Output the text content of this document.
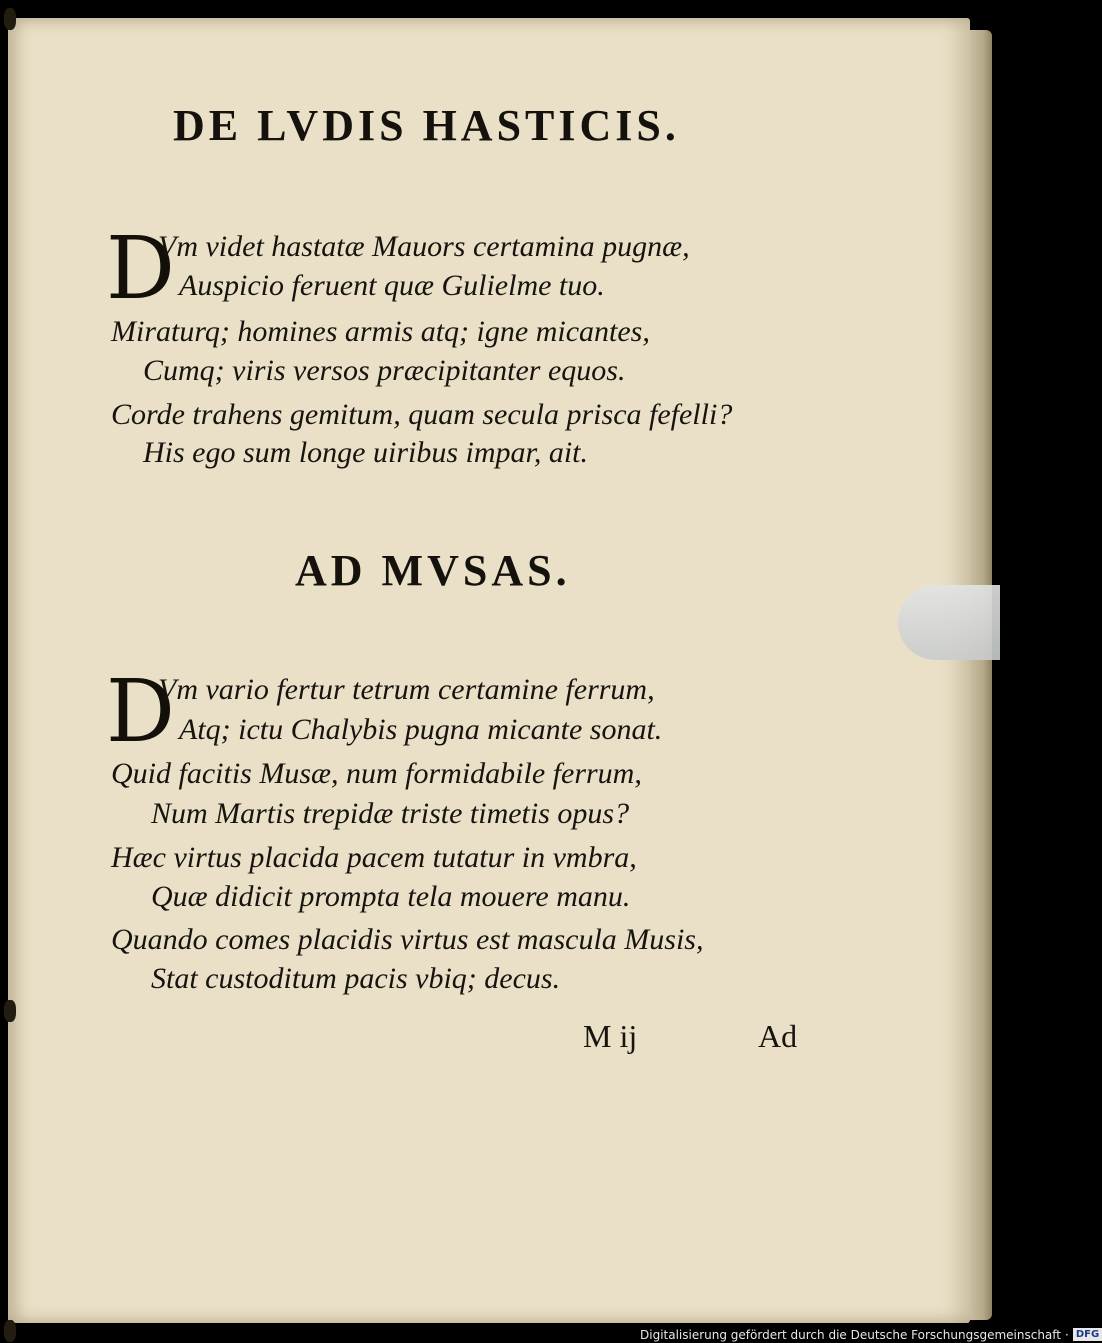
DE LVDIS HASTICIS.
D
Vm videt hastatæ Mauors certamina pugnæ,
Auspicio feruent quæ Gulielme tuo.
Miraturq; homines armis atq; igne micantes,
Cumq; viris versos præcipitanter equos.
Corde trahens gemitum, quam secula prisca fefelli?
His ego sum longe uiribus impar, ait.
AD MVSAS.
D
Vm vario fertur tetrum certamine ferrum,
Atq; ictu Chalybis pugna micante sonat.
Quid facitis Musæ, num formidabile ferrum,
Num Martis trepidæ triste timetis opus?
Hæc virtus placida pacem tutatur in vmbra,
Quæ didicit prompta tela mouere manu.
Quando comes placidis virtus est mascula Musis,
Stat custoditum pacis vbiq; decus.
M ij	Ad
Digitalisierung gefördert durch die Deutsche Forschungsgemeinschaft · DFG
